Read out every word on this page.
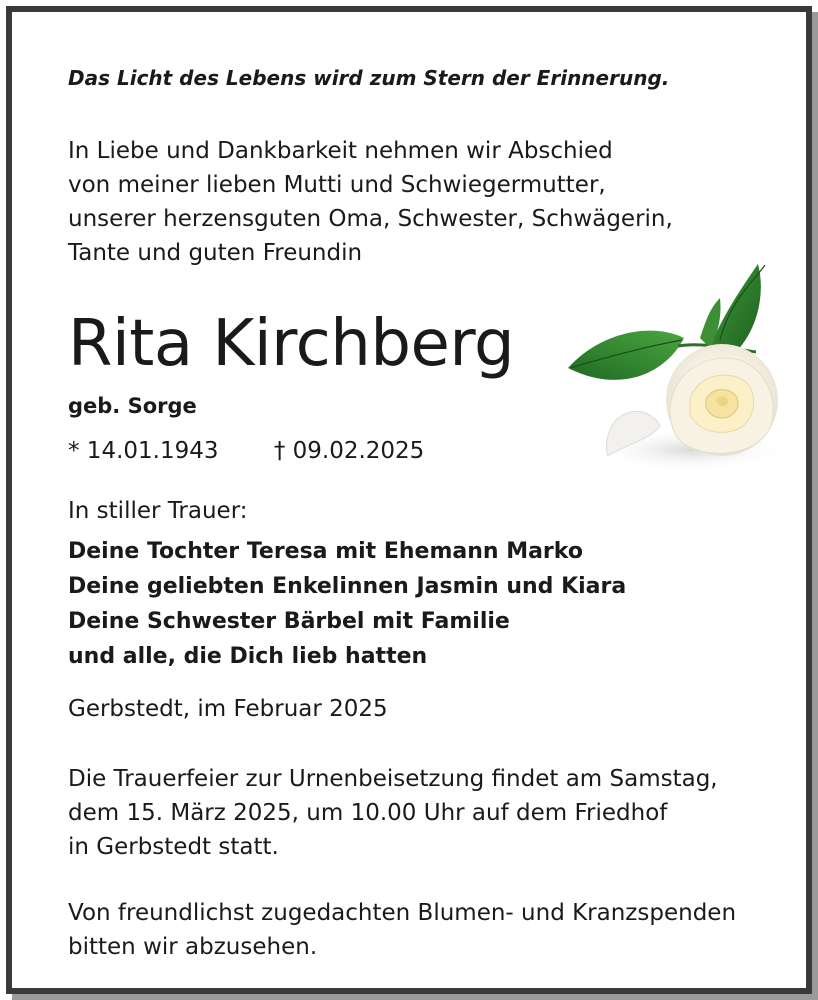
Das Licht des Lebens wird zum Stern der Erinnerung.
In Liebe und Dankbarkeit nehmen wir Abschied
von meiner lieben Mutti und Schwiegermutter,
unserer herzensguten Oma, Schwester, Schwägerin,
Tante und guten Freundin
Rita Kirchberg
geb. Sorge
* 14.01.1943 † 09.02.2025
In stiller Trauer:
Deine Tochter Teresa mit Ehemann Marko
Deine geliebten Enkelinnen Jasmin und Kiara
Deine Schwester Bärbel mit Familie
und alle, die Dich lieb hatten
Gerbstedt, im Februar 2025
Die Trauerfeier zur Urnenbeisetzung findet am Samstag,
dem 15. März 2025, um 10.00 Uhr auf dem Friedhof
in Gerbstedt statt.
Von freundlichst zugedachten Blumen- und Kranzspenden
bitten wir abzusehen.
